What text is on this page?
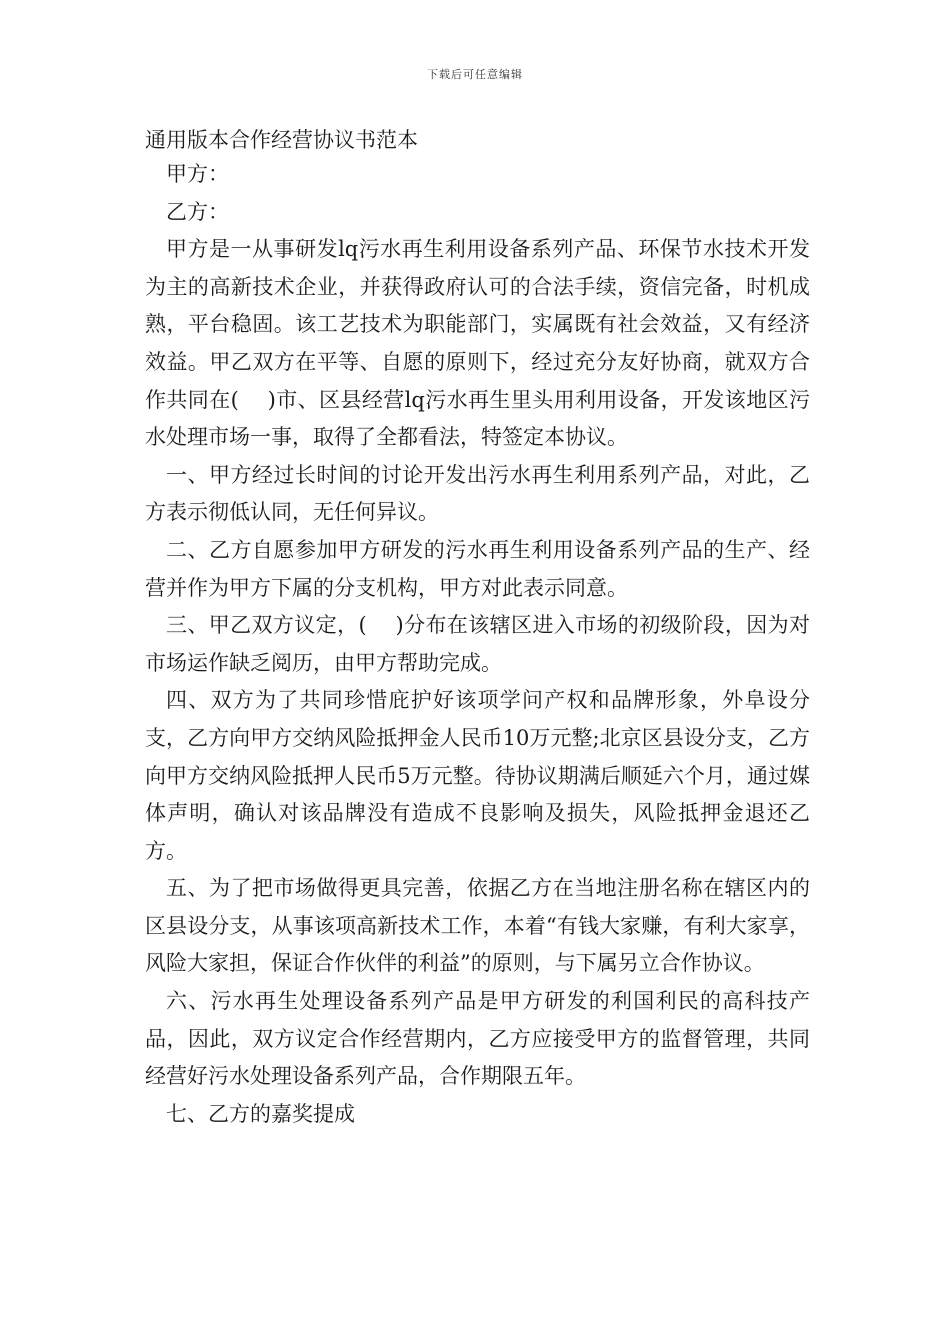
下载后可任意编辑
通用版本合作经营协议书范本

甲方：

乙方：

甲方是一从事研发lq污水再生利用设备系列产品、环保节水技术开发为主的高新技术企业，并获得政府认可的合法手续，资信完备，时机成熟，平台稳固。该工艺技术为职能部门，实属既有社会效益，又有经济效益。甲乙双方在平等、自愿的原则下，经过充分友好协商，就双方合作共同在(　 )市、区县经营lq污水再生里头用利用设备，开发该地区污水处理市场一事，取得了全都看法，特签定本协议。

一、甲方经过长时间的讨论开发出污水再生利用系列产品，对此，乙方表示彻低认同，无任何异议。

二、乙方自愿参加甲方研发的污水再生利用设备系列产品的生产、经营并作为甲方下属的分支机构，甲方对此表示同意。

三、甲乙双方议定，(　 )分布在该辖区进入市场的初级阶段，因为对市场运作缺乏阅历，由甲方帮助完成。

四、双方为了共同珍惜庇护好该项学问产权和品牌形象，外阜设分支，乙方向甲方交纳风险抵押金人民币10万元整;北京区县设分支，乙方向甲方交纳风险抵押人民币5万元整。待协议期满后顺延六个月，通过媒体声明，确认对该品牌没有造成不良影响及损失，风险抵押金退还乙方。

五、为了把市场做得更具完善，依据乙方在当地注册名称在辖区内的区县设分支，从事该项高新技术工作，本着“有钱大家赚，有利大家享，风险大家担，保证合作伙伴的利益”的原则，与下属另立合作协议。

六、污水再生处理设备系列产品是甲方研发的利国利民的高科技产品，因此，双方议定合作经营期内，乙方应接受甲方的监督管理，共同经营好污水处理设备系列产品，合作期限五年。

七、乙方的嘉奖提成
